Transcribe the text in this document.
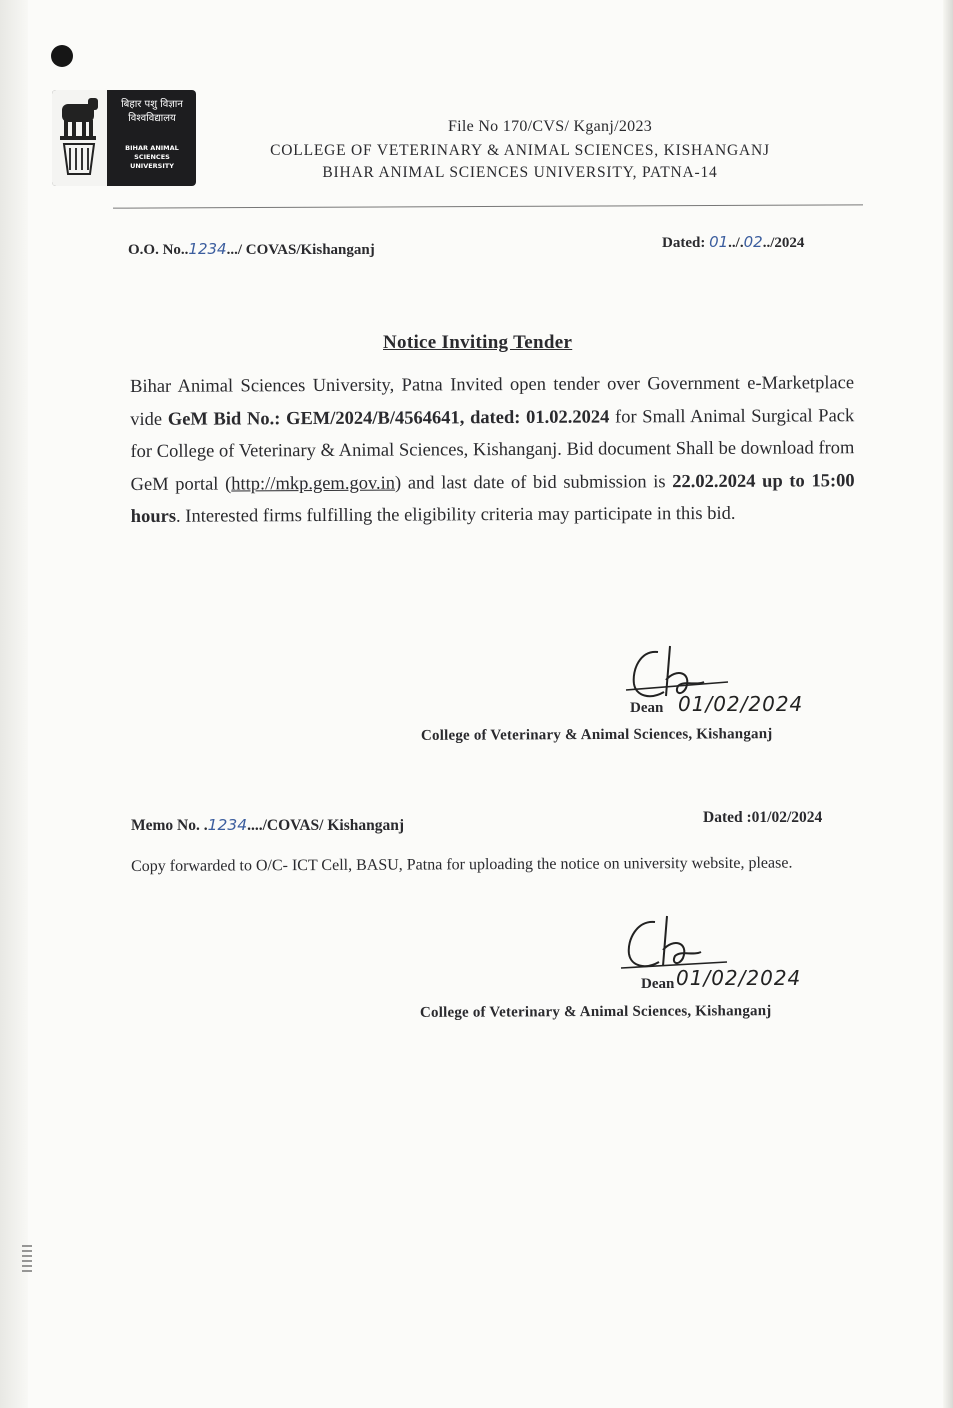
बिहार पशु विज्ञान
विश्वविद्यालय
BIHAR ANIMAL SCIENCES
UNIVERSITY
File No 170/CVS/ Kganj/2023
COLLEGE OF VETERINARY & ANIMAL SCIENCES, KISHANGANJ
BIHAR ANIMAL SCIENCES UNIVERSITY, PATNA-14
O.O. No..1234.../ COVAS/Kishanganj	Dated: 01../.02../2024
Notice Inviting Tender
Bihar Animal Sciences University, Patna Invited open tender over Government e-Marketplace vide GeM Bid No.: GEM/2024/B/4564641, dated: 01.02.2024 for Small Animal Surgical Pack for College of Veterinary & Animal Sciences, Kishanganj. Bid document Shall be download from GeM portal (http://mkp.gem.gov.in) and last date of bid submission is 22.02.2024 up to 15:00 hours. Interested firms fulfilling the eligibility criteria may participate in this bid.
Dean 01/02/2024
College of Veterinary & Animal Sciences, Kishanganj
Memo No. .1234..../COVAS/ Kishanganj	Dated :01/02/2024
Copy forwarded to O/C- ICT Cell, BASU, Patna for uploading the notice on university website, please.
Dean 01/02/2024
College of Veterinary & Animal Sciences, Kishanganj
